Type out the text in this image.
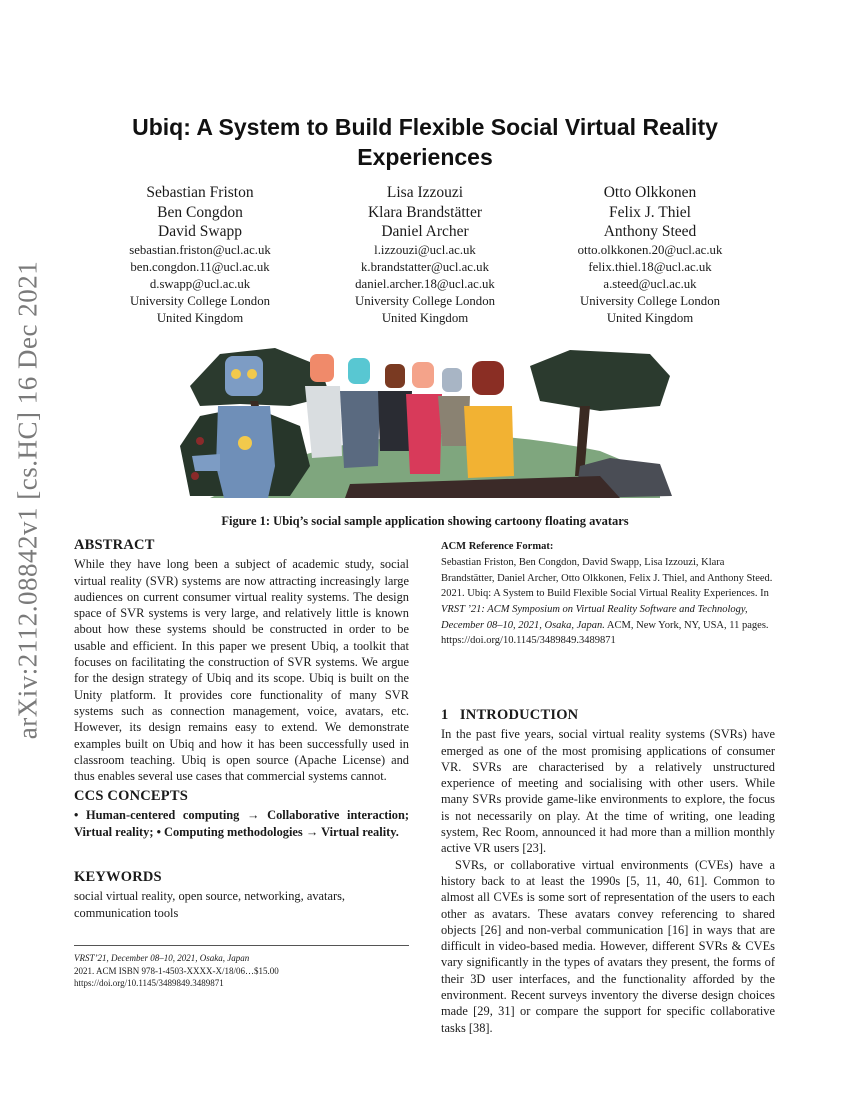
arXiv:2112.08842v1 [cs.HC] 16 Dec 2021
Ubiq: A System to Build Flexible Social Virtual Reality Experiences
Sebastian Friston
Ben Congdon
David Swapp
sebastian.friston@ucl.ac.uk
ben.congdon.11@ucl.ac.uk
d.swapp@ucl.ac.uk
University College London
United Kingdom
Lisa Izzouzi
Klara Brandstätter
Daniel Archer
l.izzouzi@ucl.ac.uk
k.brandstatter@ucl.ac.uk
daniel.archer.18@ucl.ac.uk
University College London
United Kingdom
Otto Olkkonen
Felix J. Thiel
Anthony Steed
otto.olkkonen.20@ucl.ac.uk
felix.thiel.18@ucl.ac.uk
a.steed@ucl.ac.uk
University College London
United Kingdom
Figure 1: Ubiq’s social sample application showing cartoony floating avatars
ABSTRACT

While they have long been a subject of academic study, social virtual reality (SVR) systems are now attracting increasingly large audiences on current consumer virtual reality systems. The design space of SVR systems is very large, and relatively little is known about how these systems should be constructed in order to be usable and efficient. In this paper we present Ubiq, a toolkit that focuses on facilitating the construction of SVR systems. We argue for the design strategy of Ubiq and its scope. Ubiq is built on the Unity platform. It provides core functionality of many SVR systems such as connection management, voice, avatars, etc. However, its design remains easy to extend. We demonstrate examples built on Ubiq and how it has been successfully used in classroom teaching. Ubiq is open source (Apache License) and thus enables several use cases that commercial systems cannot.

CCS CONCEPTS

• Human-centered computing → Collaborative interaction; Virtual reality; • Computing methodologies → Virtual reality.

KEYWORDS

social virtual reality, open source, networking, avatars, communication tools

VRST’21, December 08–10, 2021, Osaka, Japan
2021. ACM ISBN 978-1-4503-XXXX-X/18/06…$15.00
https://doi.org/10.1145/3489849.3489871
ACM Reference Format:

Sebastian Friston, Ben Congdon, David Swapp, Lisa Izzouzi, Klara Brandstätter, Daniel Archer, Otto Olkkonen, Felix J. Thiel, and Anthony Steed. 2021. Ubiq: A System to Build Flexible Social Virtual Reality Experiences. In VRST ’21: ACM Symposium on Virtual Reality Software and Technology, December 08–10, 2021, Osaka, Japan. ACM, New York, NY, USA, 11 pages. https://doi.org/10.1145/3489849.3489871

1   INTRODUCTION

In the past five years, social virtual reality systems (SVRs) have emerged as one of the most promising applications of consumer VR. SVRs are characterised by a relatively unstructured experience of meeting and socialising with other users. While many SVRs provide game-like environments to explore, the focus is not necessarily on play. At the time of writing, one leading system, Rec Room, announced it had more than a million monthly active VR users [23].

SVRs, or collaborative virtual environments (CVEs) have a history back to at least the 1990s [5, 11, 40, 61]. Common to almost all CVEs is some sort of representation of the users to each other as avatars. These avatars convey referencing to shared objects [26] and non-verbal communication [16] in ways that are difficult in video-based media. However, different SVRs & CVEs vary significantly in the types of avatars they present, the forms of their 3D user interfaces, and the functionality afforded by the environment. Recent surveys inventory the diverse design choices made [29, 31] or compare the support for specific collaborative tasks [38].
